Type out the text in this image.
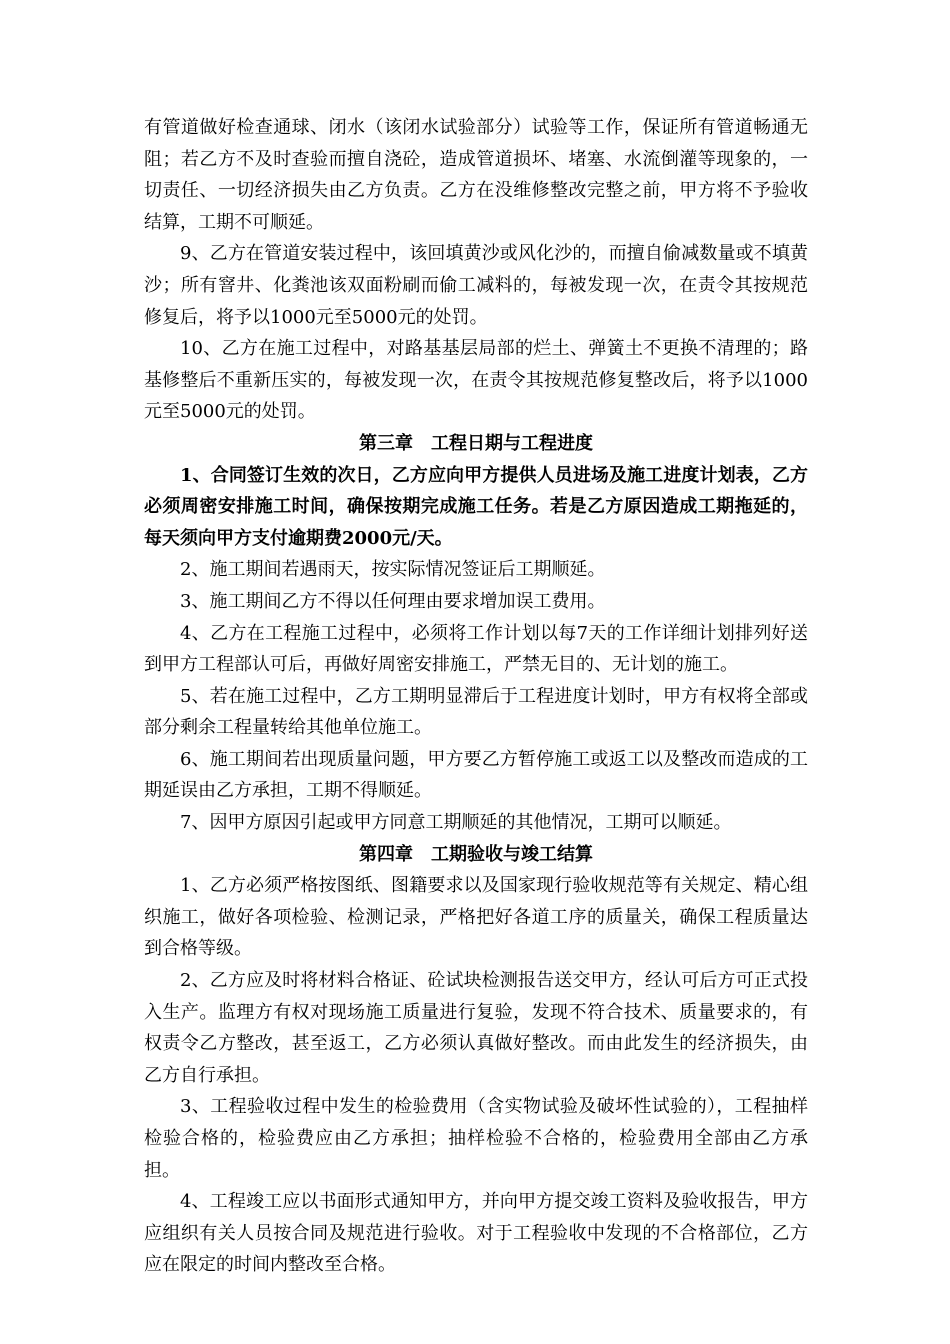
有管道做好检查通球、闭水（该闭水试验部分）试验等工作，保证所有管道畅通无阻；若乙方不及时查验而擅自浇砼，造成管道损坏、堵塞、水流倒灌等现象的，一切责任、一切经济损失由乙方负责。乙方在没维修整改完整之前，甲方将不予验收结算，工期不可顺延。

9、乙方在管道安装过程中，该回填黄沙或风化沙的，而擅自偷减数量或不填黄沙；所有窨井、化粪池该双面粉刷而偷工减料的，每被发现一次，在责令其按规范修复后，将予以1000元至5000元的处罚。

10、乙方在施工过程中，对路基基层局部的烂土、弹簧土不更换不清理的；路基修整后不重新压实的，每被发现一次，在责令其按规范修复整改后，将予以1000元至5000元的处罚。

第三章　工程日期与工程进度

1、合同签订生效的次日，乙方应向甲方提供人员进场及施工进度计划表，乙方必须周密安排施工时间，确保按期完成施工任务。若是乙方原因造成工期拖延的，每天须向甲方支付逾期费2000元/天。

2、施工期间若遇雨天，按实际情况签证后工期顺延。

3、施工期间乙方不得以任何理由要求增加误工费用。

4、乙方在工程施工过程中，必须将工作计划以每7天的工作详细计划排列好送到甲方工程部认可后，再做好周密安排施工，严禁无目的、无计划的施工。

5、若在施工过程中，乙方工期明显滞后于工程进度计划时，甲方有权将全部或部分剩余工程量转给其他单位施工。

6、施工期间若出现质量问题，甲方要乙方暂停施工或返工以及整改而造成的工期延误由乙方承担，工期不得顺延。

7、因甲方原因引起或甲方同意工期顺延的其他情况，工期可以顺延。

第四章　工期验收与竣工结算

1、乙方必须严格按图纸、图籍要求以及国家现行验收规范等有关规定、精心组织施工，做好各项检验、检测记录，严格把好各道工序的质量关，确保工程质量达到合格等级。

2、乙方应及时将材料合格证、砼试块检测报告送交甲方，经认可后方可正式投入生产。监理方有权对现场施工质量进行复验，发现不符合技术、质量要求的，有权责令乙方整改，甚至返工，乙方必须认真做好整改。而由此发生的经济损失，由乙方自行承担。

3、工程验收过程中发生的检验费用（含实物试验及破坏性试验的），工程抽样检验合格的，检验费应由乙方承担；抽样检验不合格的，检验费用全部由乙方承担。

4、工程竣工应以书面形式通知甲方，并向甲方提交竣工资料及验收报告，甲方应组织有关人员按合同及规范进行验收。对于工程验收中发现的不合格部位，乙方应在限定的时间内整改至合格。
